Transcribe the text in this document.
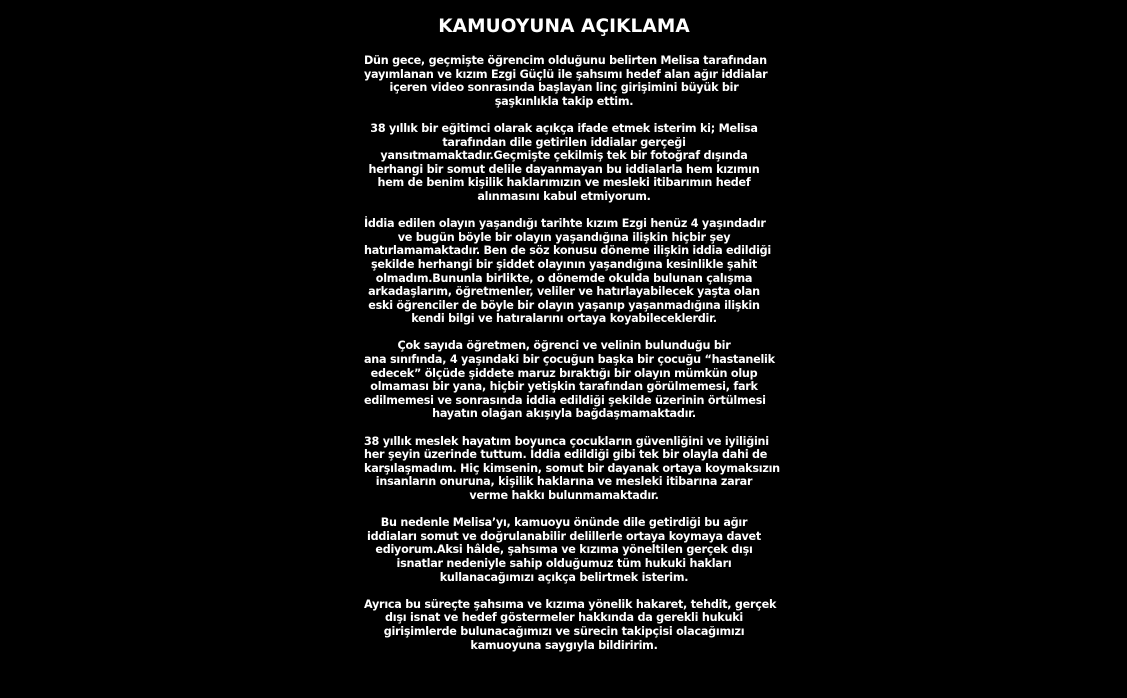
KAMUOYUNA AÇIKLAMA

Dün gece, geçmişte öğrencim olduğunu belirten Melisa tarafından
yayımlanan ve kızım Ezgi Güçlü ile şahsımı hedef alan ağır iddialar
içeren video sonrasında başlayan linç girişimini büyük bir
şaşkınlıkla takip ettim.

38 yıllık bir eğitimci olarak açıkça ifade etmek isterim ki; Melisa
tarafından dile getirilen iddialar gerçeği
yansıtmamaktadır.Geçmişte çekilmiş tek bir fotoğraf dışında
herhangi bir somut delile dayanmayan bu iddialarla hem kızımın
hem de benim kişilik haklarımızın ve mesleki itibarımın hedef
alınmasını kabul etmiyorum.

İddia edilen olayın yaşandığı tarihte kızım Ezgi henüz 4 yaşındadır
ve bugün böyle bir olayın yaşandığına ilişkin hiçbir şey
hatırlamamaktadır. Ben de söz konusu döneme ilişkin iddia edildiği
şekilde herhangi bir şiddet olayının yaşandığına kesinlikle şahit
olmadım.Bununla birlikte, o dönemde okulda bulunan çalışma
arkadaşlarım, öğretmenler, veliler ve hatırlayabilecek yaşta olan
eski öğrenciler de böyle bir olayın yaşanıp yaşanmadığına ilişkin
kendi bilgi ve hatıralarını ortaya koyabileceklerdir.

Çok sayıda öğretmen, öğrenci ve velinin bulunduğu bir
ana sınıfında, 4 yaşındaki bir çocuğun başka bir çocuğu “hastanelik
edecek” ölçüde şiddete maruz bıraktığı bir olayın mümkün olup
olmaması bir yana, hiçbir yetişkin tarafından görülmemesi, fark
edilmemesi ve sonrasında iddia edildiği şekilde üzerinin örtülmesi
hayatın olağan akışıyla bağdaşmamaktadır.

38 yıllık meslek hayatım boyunca çocukların güvenliğini ve iyiliğini
her şeyin üzerinde tuttum. İddia edildiği gibi tek bir olayla dahi de
karşılaşmadım. Hiç kimsenin, somut bir dayanak ortaya koymaksızın
insanların onuruna, kişilik haklarına ve mesleki itibarına zarar
verme hakkı bulunmamaktadır.

Bu nedenle Melisa’yı, kamuoyu önünde dile getirdiği bu ağır
iddiaları somut ve doğrulanabilir delillerle ortaya koymaya davet
ediyorum.Aksi hâlde, şahsıma ve kızıma yöneltilen gerçek dışı
isnatlar nedeniyle sahip olduğumuz tüm hukuki hakları
kullanacağımızı açıkça belirtmek isterim.

Ayrıca bu süreçte şahsıma ve kızıma yönelik hakaret, tehdit, gerçek
dışı isnat ve hedef göstermeler hakkında da gerekli hukuki
girişimlerde bulunacağımızı ve sürecin takipçisi olacağımızı
kamuoyuna saygıyla bildiririm.
